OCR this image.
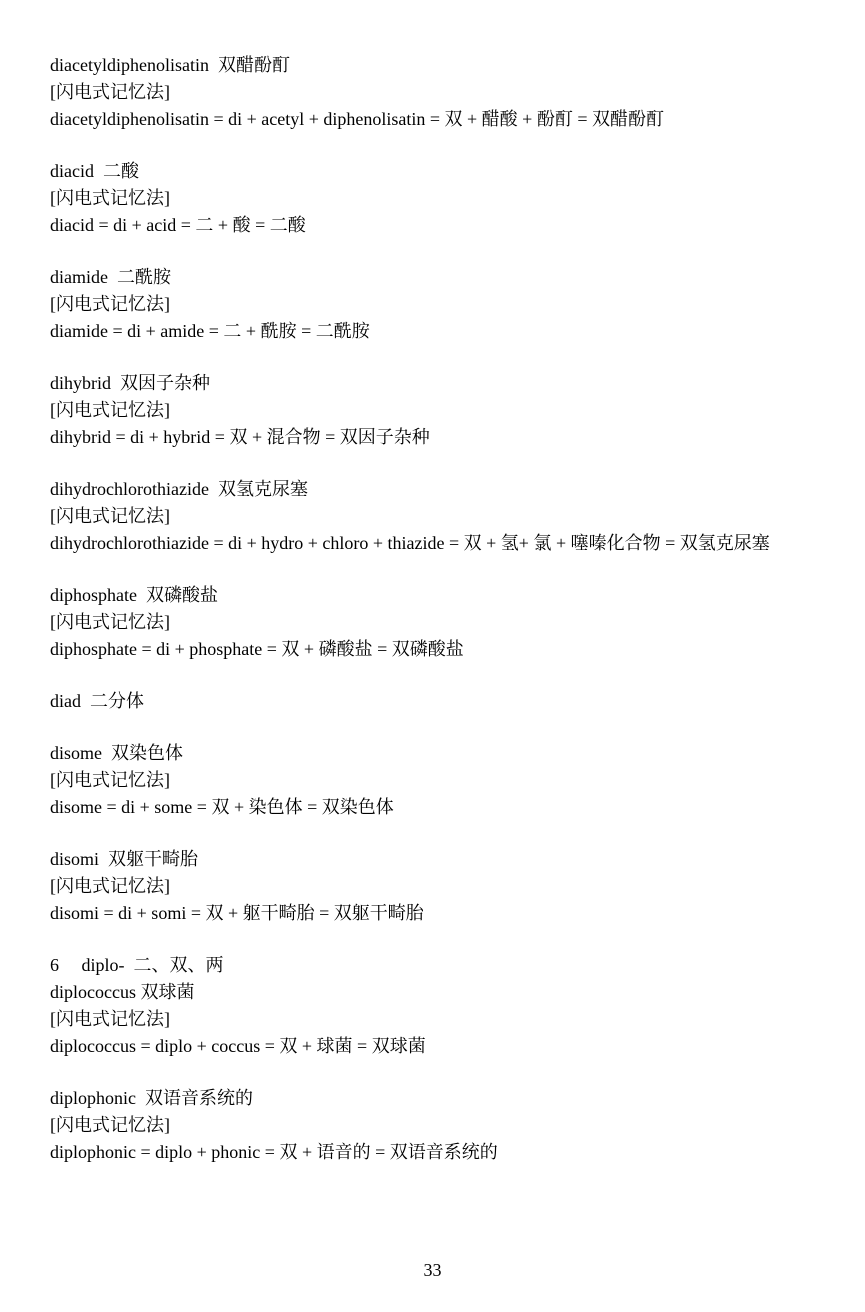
diacetyldiphenolisatin  双醋酚酊
[闪电式记忆法]
diacetyldiphenolisatin = di + acetyl + diphenolisatin = 双 + 醋酸 + 酚酊 = 双醋酚酊
diacid  二酸
[闪电式记忆法]
diacid = di + acid = 二 + 酸 = 二酸
diamide  二酰胺
[闪电式记忆法]
diamide = di + amide = 二 + 酰胺 = 二酰胺
dihybrid  双因子杂种
[闪电式记忆法]
dihybrid = di + hybrid = 双 + 混合物 = 双因子杂种
dihydrochlorothiazide  双氢克尿塞
[闪电式记忆法]
dihydrochlorothiazide = di + hydro + chloro + thiazide = 双 + 氢+ 氯 + 噻嗪化合物 = 双氢克尿塞
diphosphate  双磷酸盐
[闪电式记忆法]
diphosphate = di + phosphate = 双 + 磷酸盐 = 双磷酸盐
diad  二分体
disome  双染色体
[闪电式记忆法]
disome = di + some = 双 + 染色体 = 双染色体
disomi  双躯干畸胎
[闪电式记忆法]
disomi = di + somi = 双 + 躯干畸胎 = 双躯干畸胎
6     diplo-  二、双、两
diplococcus 双球菌
[闪电式记忆法]
diplococcus = diplo + coccus = 双 + 球菌 = 双球菌
diplophonic  双语音系统的
[闪电式记忆法]
diplophonic = diplo + phonic = 双 + 语音的 = 双语音系统的
33
